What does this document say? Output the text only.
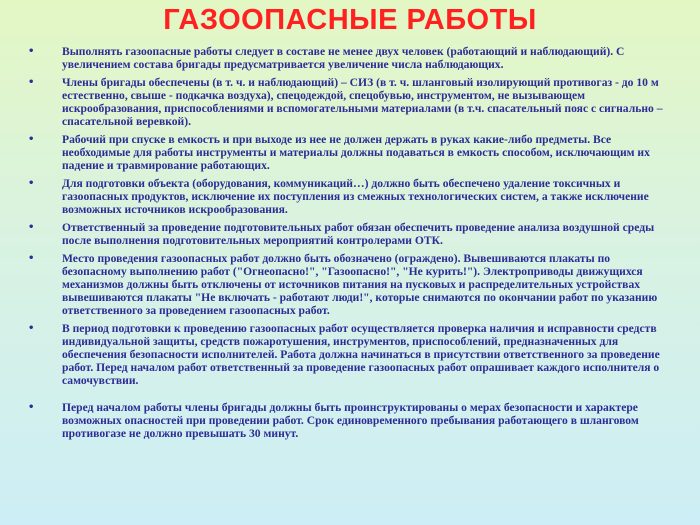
ГАЗООПАСНЫЕ РАБОТЫ
• Выполнять газоопасные работы следует в составе не менее двух человек (работающий и наблюдающий). С увеличением состава бригады предусматривается увеличение числа наблюдающих.
• Члены бригады обеспечены (в т. ч. и наблюдающий) – СИЗ (в т. ч. шланговый изолирующий противогаз - до 10 м естественно, свыше - подкачка воздуха), спецодеждой, спецобувью, инструментом, не вызывающем искрообразования, приспособлениями и вспомогательными материалами (в т.ч. спасательный пояс с сигнально – спасательной веревкой).
• Рабочий при спуске в емкость и при выходе из нее не должен держать в руках какие-либо предметы. Все необходимые для работы инструменты и материалы должны подаваться в емкость способом, исключающим их падение и травмирование работающих.
• Для подготовки объекта (оборудования, коммуникаций…) должно быть обеспечено удаление токсичных и газоопасных продуктов, исключение их поступления из смежных технологических систем, а также исключение возможных источников искрообразования.
• Ответственный за проведение подготовительных работ обязан обеспечить проведение анализа воздушной среды после выполнения подготовительных мероприятий контролерами ОТК.
• Место проведения газоопасных работ должно быть обозначено (ограждено). Вывешиваются плакаты по безопасному выполнению работ ("Огнеопасно!", "Газоопасно!", "Не курить!"). Электроприводы движущихся механизмов должны быть отключены от источников питания на пусковых и распределительных устройствах вывешиваются плакаты "Не включать - работают люди!", которые снимаются по окончании работ по указанию ответственного за проведением газоопасных работ.
• В период подготовки к проведению газоопасных работ осуществляется проверка наличия и исправности средств индивидуальной защиты, средств пожаротушения, инструментов, приспособлений, предназначенных для обеспечения безопасности исполнителей. Работа должна начинаться в присутствии ответственного за проведение работ. Перед началом работ ответственный за проведение газоопасных работ опрашивает каждого исполнителя о самочувствии.
• Перед началом работы члены бригады должны быть проинструктированы о мерах безопасности и характере возможных опасностей при проведении работ. Срок единовременного пребывания работающего в шланговом противогазе не должно превышать 30 минут.
